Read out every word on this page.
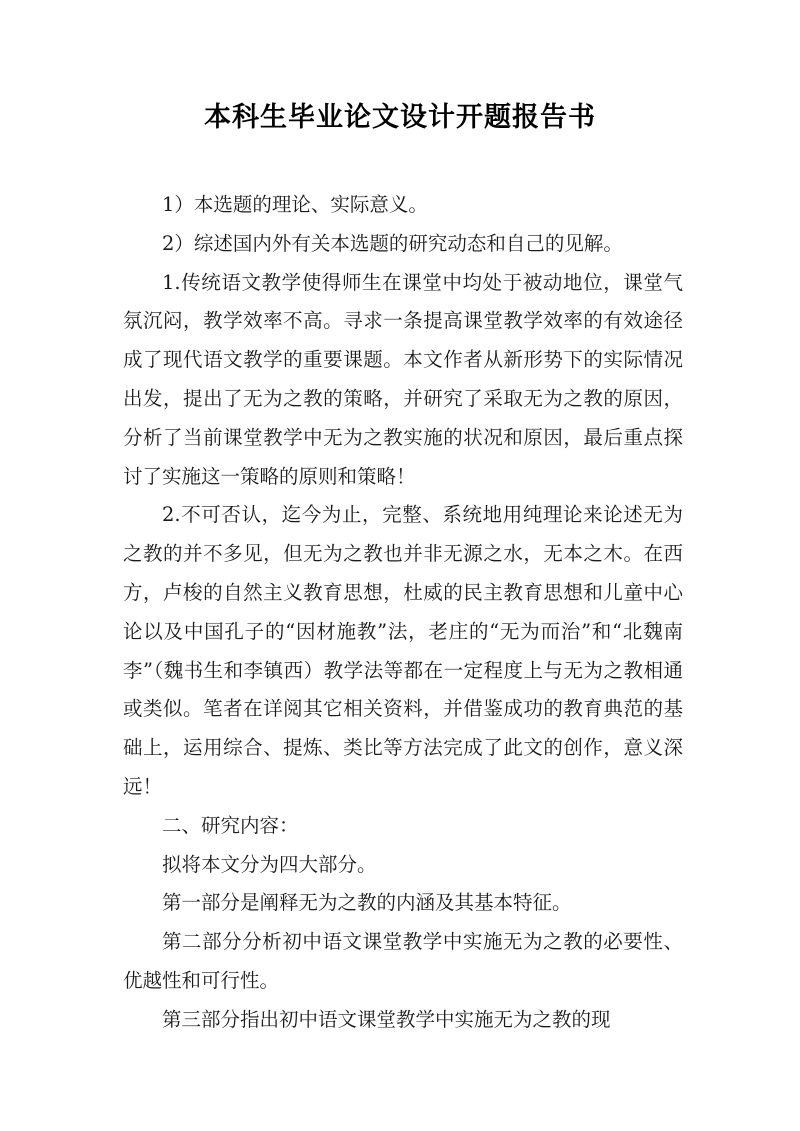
本科生毕业论文设计开题报告书

1）本选题的理论、实际意义。

2）综述国内外有关本选题的研究动态和自己的见解。

1.传统语文教学使得师生在课堂中均处于被动地位，课堂气氛沉闷，教学效率不高。寻求一条提高课堂教学效率的有效途径成了现代语文教学的重要课题。本文作者从新形势下的实际情况出发，提出了无为之教的策略，并研究了采取无为之教的原因，分析了当前课堂教学中无为之教实施的状况和原因，最后重点探讨了实施这一策略的原则和策略！

2.不可否认，迄今为止，完整、系统地用纯理论来论述无为之教的并不多见，但无为之教也并非无源之水，无本之木。在西方，卢梭的自然主义教育思想，杜威的民主教育思想和儿童中心论以及中国孔子的“因材施教”法，老庄的“无为而治”和“北魏南李”（魏书生和李镇西）教学法等都在一定程度上与无为之教相通或类似。笔者在详阅其它相关资料，并借鉴成功的教育典范的基础上，运用综合、提炼、类比等方法完成了此文的创作，意义深远！

二、研究内容：

拟将本文分为四大部分。

第一部分是阐释无为之教的内涵及其基本特征。

第二部分分析初中语文课堂教学中实施无为之教的必要性、优越性和可行性。

第三部分指出初中语文课堂教学中实施无为之教的现
